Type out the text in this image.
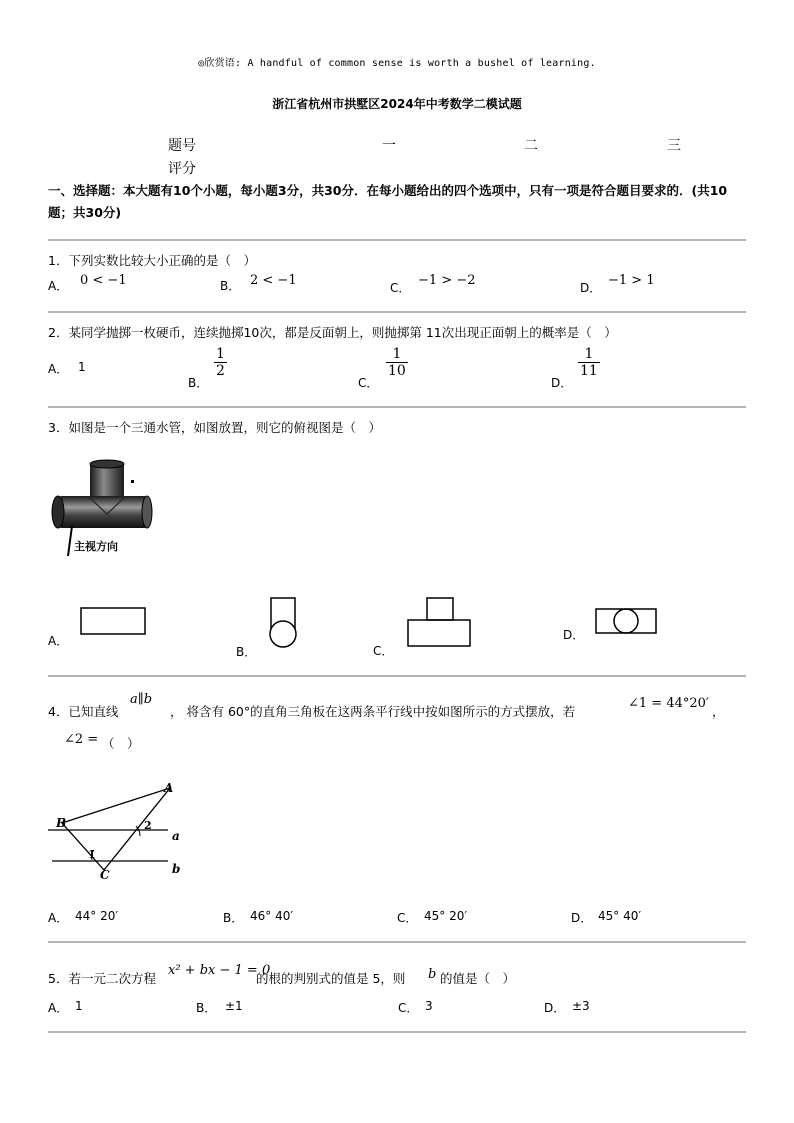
◎欣赏语: A handful of common sense is worth a bushel of learning.
浙江省杭州市拱墅区2024年中考数学二模试题
题号	一	二	三
评分
一、选择题：本大题有10个小题，每小题3分，共30分．在每小题给出的四个选项中，只有一项是符合题目要求的．(共10题；共30分)
1．下列实数比较大小正确的是（　）
A． 0 < −1	B． 2 < −1	C． −1 > −2	D． −1 > 1
2．某同学抛掷一枚硬币，连续抛掷10次，都是反面朝上，则抛掷第 11次出现正面朝上的概率是（　）
A． 1
B．
$\frac{1}{2}$
C．
$\frac{1}{10}$
D．
$\frac{1}{11}$
3．如图是一个三通水管，如图放置，则它的俯视图是（　）
主视方向
A．
B．	C．
D．
4．已知直线
a∥b
， 将含有 60°的直角三角板在这两条平行线中按如图所示的方式摆放，若
∠1 = 44°20′
，
∠2 = （　）
A
B
C
a
b
1
2
A． 44° 20′	B． 46° 40′	C． 45° 20′	D． 45° 40′
5．若一元二次方程
x² + bx − 1 = 0
的根的判别式的值是 5，则 b 的值是（　）
A． 1	B． ±1	C． 3	D． ±3
